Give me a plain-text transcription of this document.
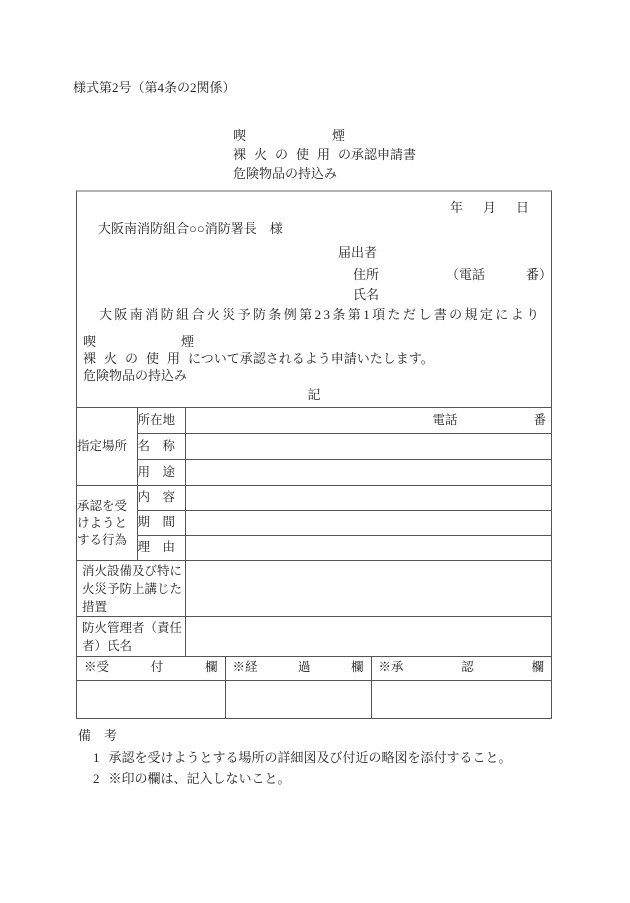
様式第2号（第4条の2関係）
喫	煙
裸火の使用の承認申請書
危険物品の持込み
年 月 日
大阪南消防組合○○消防署長　様
届出者
住所	（電話	番）
氏名
大阪南消防組合火災予防条例第23条第1項ただし書の規定により
喫	煙
裸火の使用について承認されるよう申請いたします。
危険物品の持込み
記
指定場所	所在地	電話 番

	名　称	
	用　途	

承認を受
けようと
する行為	内　容	
	期　間	
	理　由	

消火設備及び特に
火災予防上講じた
措置		

防火管理者（責任
者）氏名		

※受 付 欄	※経 過 欄	※承 認 欄

備　考
1 承認を受けようとする場所の詳細図及び付近の略図を添付すること。
2 ※印の欄は、記入しないこと。
